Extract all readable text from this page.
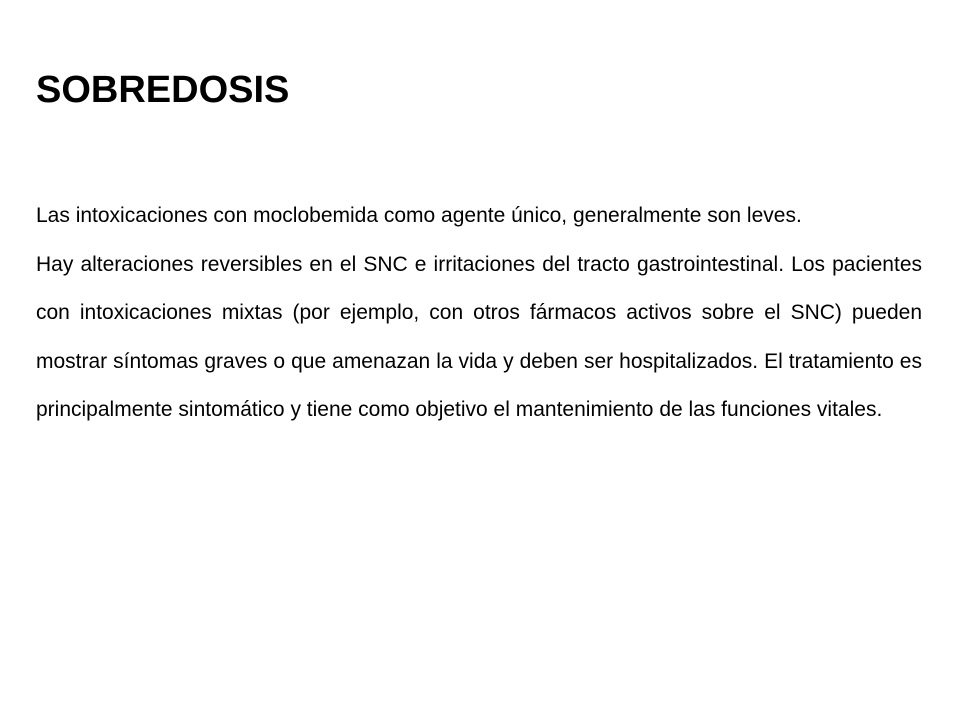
SOBREDOSIS

Las intoxicaciones con moclobemida como agente único, generalmente son leves.

Hay alteraciones reversibles en el SNC e irritaciones del tracto gastrointestinal. Los pacientes con intoxicaciones mixtas (por ejemplo, con otros fármacos activos sobre el SNC) pueden mostrar síntomas graves o que amenazan la vida y deben ser hospitalizados. El tratamiento es principalmente sintomático y tiene como objetivo el mantenimiento de las funciones vitales.
